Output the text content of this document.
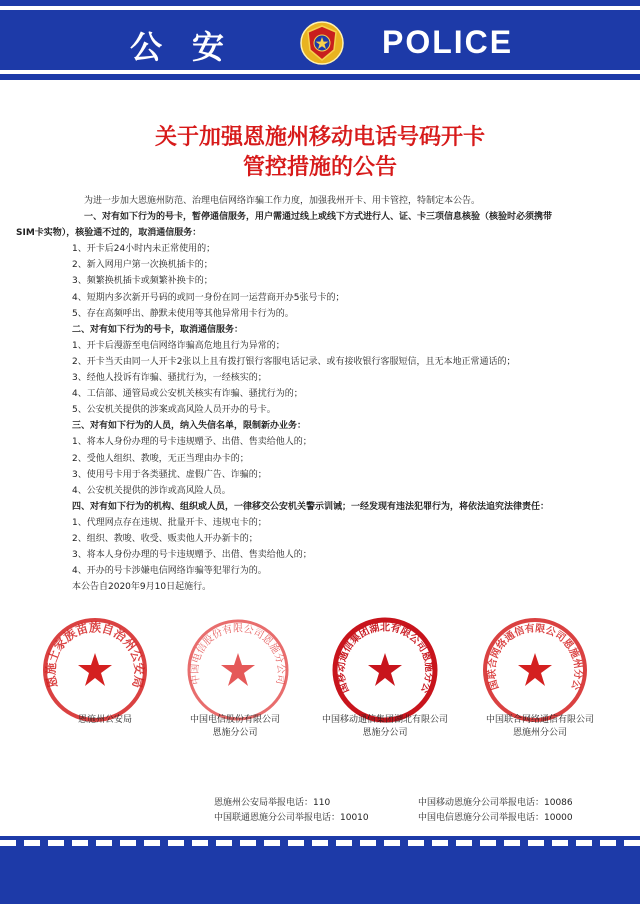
公安	POLICE
关于加强恩施州移动电话号码开卡
管控措施的公告

为进一步加大恩施州防范、治理电信网络诈骗工作力度，加强我州开卡、用卡管控，特制定本公告。

一、对有如下行为的号卡，暂停通信服务，用户需通过线上或线下方式进行人、证、卡三项信息核验（核验时必须携带

SIM卡实物），核验通不过的，取消通信服务：

1、开卡后24小时内未正常使用的；

2、新入网用户第一次换机插卡的；

3、频繁换机插卡或频繁补换卡的；

4、短期内多次新开号码的或同一身份在同一运营商开办5张号卡的；

5、存在高频呼出、静默未使用等其他异常用卡行为的。

二、对有如下行为的号卡，取消通信服务：

1、开卡后漫游至电信网络诈骗高危地且行为异常的；

2、开卡当天由同一人开卡2张以上且有拨打银行客服电话记录、或有接收银行客服短信，且无本地正常通话的；

3、经他人投诉有诈骗、骚扰行为，一经核实的；

4、工信部、通管局或公安机关核实有诈骗、骚扰行为的；

5、公安机关提供的涉案或高风险人员开办的号卡。

三、对有如下行为的人员，纳入失信名单，限制新办业务：

1、将本人身份办理的号卡违规赠予、出借、售卖给他人的；

2、受他人组织、教唆，无正当理由办卡的；

3、使用号卡用于各类骚扰、虚假广告、诈骗的；

4、公安机关提供的涉诈或高风险人员。

四、对有如下行为的机构、组织或人员，一律移交公安机关警示训诫；一经发现有违法犯罪行为，将依法追究法律责任：

1、代理网点存在违规、批量开卡、违规屯卡的；

2、组织、教唆、收受、贩卖他人开办新卡的；

3、将本人身份办理的号卡违规赠予、出借、售卖给他人的；

4、开办的号卡涉嫌电信网络诈骗等犯罪行为的。

本公告自2020年9月10日起施行。

恩施土家族苗族自治州公安局	中国电信股份有限公司恩施分公司
国移动通信集团湖北有限公司恩施分公	国联合网络通信有限公司恩施州分公
恩施州公安局	中国电信股份有限公司
恩施分公司
中国移动通信集团湖北有限公司
恩施分公司
中国联合网络通信有限公司
恩施州分公司
恩施州公安局举报电话：110	中国移动恩施分公司举报电话：10086
中国联通恩施分公司举报电话：10010	中国电信恩施分公司举报电话：10000
